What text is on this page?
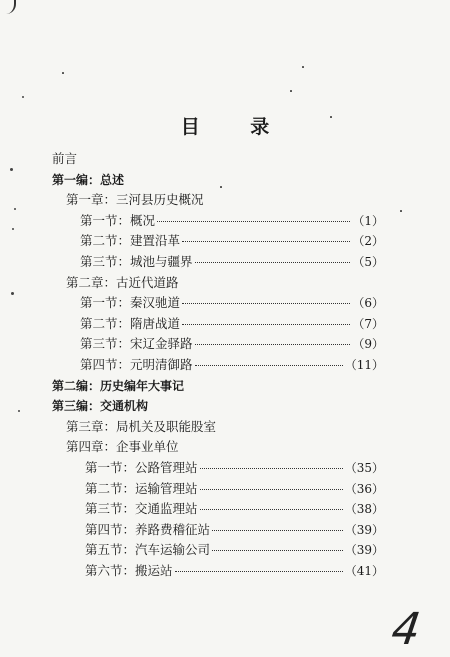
目 录
前言
第一编：总述
第一章：三河县历史概况
第一节：概况	（1）
第二节：建置沿革	（2）
第三节：城池与疆界	（5）
第二章：古近代道路
第一节：秦汉驰道	（6）
第二节：隋唐战道	（7）
第三节：宋辽金驿路	（9）
第四节：元明清御路	（11）
第二编：历史编年大事记
第三编：交通机构
第三章：局机关及职能股室
第四章：企事业单位
第一节：公路管理站	（35）
第二节：运输管理站	（36）
第三节：交通监理站	（38）
第四节：养路费稽征站	（39）
第五节：汽车运输公司	（39）
第六节：搬运站	（41）
4
